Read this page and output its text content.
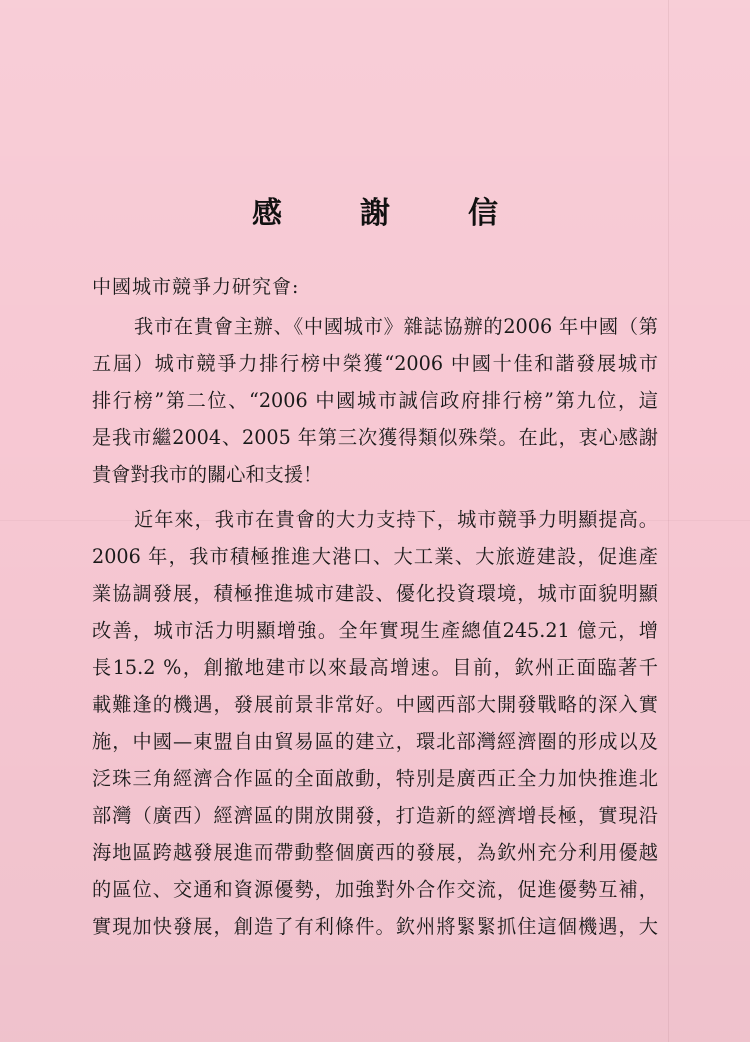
感　謝　信
中國城市競爭力研究會:
我市在貴會主辦、《中國城市》雜誌協辦的2006 年中國（第
五屆）城市競爭力排行榜中榮獲“2006 中國十佳和諧發展城市
排行榜”第二位、“2006 中國城市誠信政府排行榜”第九位，這
是我市繼2004、2005 年第三次獲得類似殊榮。在此，衷心感謝
貴會對我市的關心和支援！
近年來，我市在貴會的大力支持下，城市競爭力明顯提高。
2006 年，我市積極推進大港口、大工業、大旅遊建設，促進產
業協調發展，積極推進城市建設、優化投資環境，城市面貌明顯
改善，城市活力明顯增強。全年實現生產總值245.21 億元，增
長15.2 %，創撤地建市以來最高增速。目前，欽州正面臨著千
載難逢的機遇，發展前景非常好。中國西部大開發戰略的深入實
施，中國—東盟自由貿易區的建立，環北部灣經濟圈的形成以及
泛珠三角經濟合作區的全面啟動，特別是廣西正全力加快推進北
部灣（廣西）經濟區的開放開發，打造新的經濟增長極，實現沿
海地區跨越發展進而帶動整個廣西的發展，為欽州充分利用優越
的區位、交通和資源優勢，加強對外合作交流，促進優勢互補，
實現加快發展，創造了有利條件。欽州將緊緊抓住這個機遇，大
